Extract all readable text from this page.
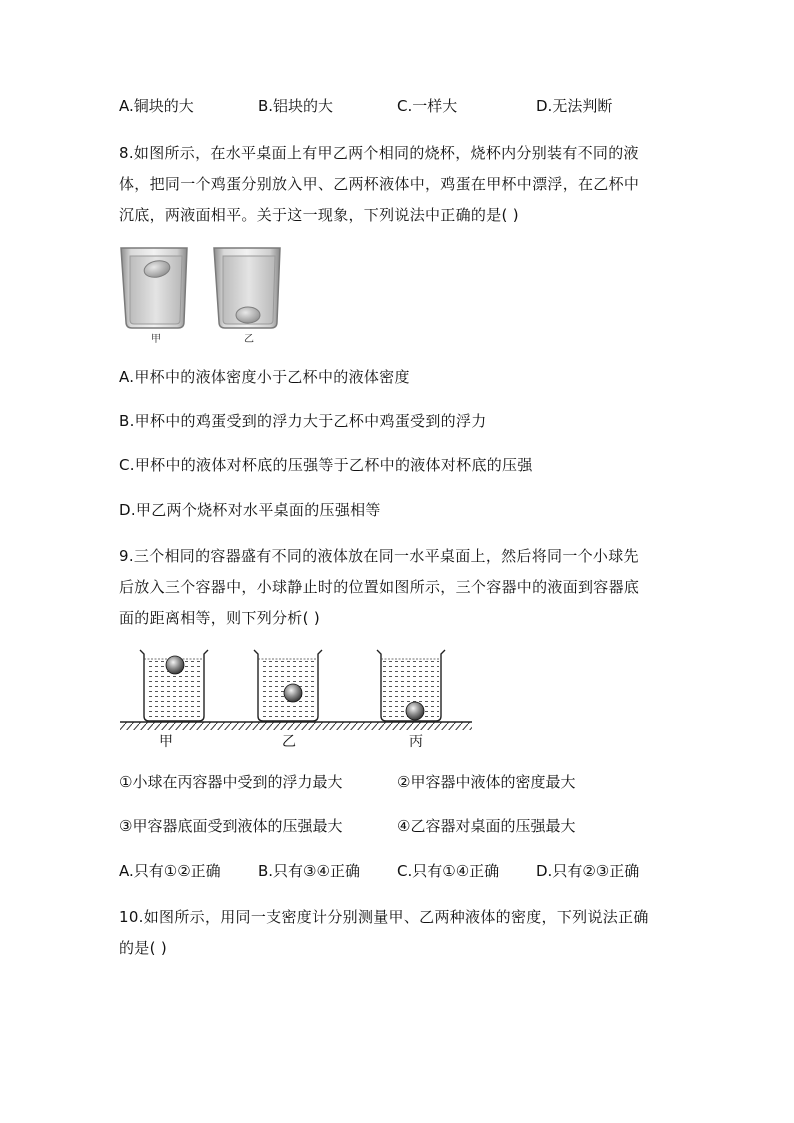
A.铜块的大	B.铝块的大	C.一样大	D.无法判断
8.如图所示，在水平桌面上有甲乙两个相同的烧杯，烧杯内分别装有不同的液
体，把同一个鸡蛋分别放入甲、乙两杯液体中，鸡蛋在甲杯中漂浮，在乙杯中
沉底，两液面相平。关于这一现象，下列说法中正确的是( )
甲	乙
A.甲杯中的液体密度小于乙杯中的液体密度
B.甲杯中的鸡蛋受到的浮力大于乙杯中鸡蛋受到的浮力
C.甲杯中的液体对杯底的压强等于乙杯中的液体对杯底的压强
D.甲乙两个烧杯对水平桌面的压强相等
9.三个相同的容器盛有不同的液体放在同一水平桌面上，然后将同一个小球先
后放入三个容器中，小球静止时的位置如图所示，三个容器中的液面到容器底
面的距离相等，则下列分析( )
甲	乙	丙
①小球在丙容器中受到的浮力最大	②甲容器中液体的密度最大
③甲容器底面受到液体的压强最大	④乙容器对桌面的压强最大
A.只有①②正确 B.只有③④正确 C.只有①④正确 D.只有②③正确
10.如图所示，用同一支密度计分别测量甲、乙两种液体的密度，下列说法正确
的是( )
